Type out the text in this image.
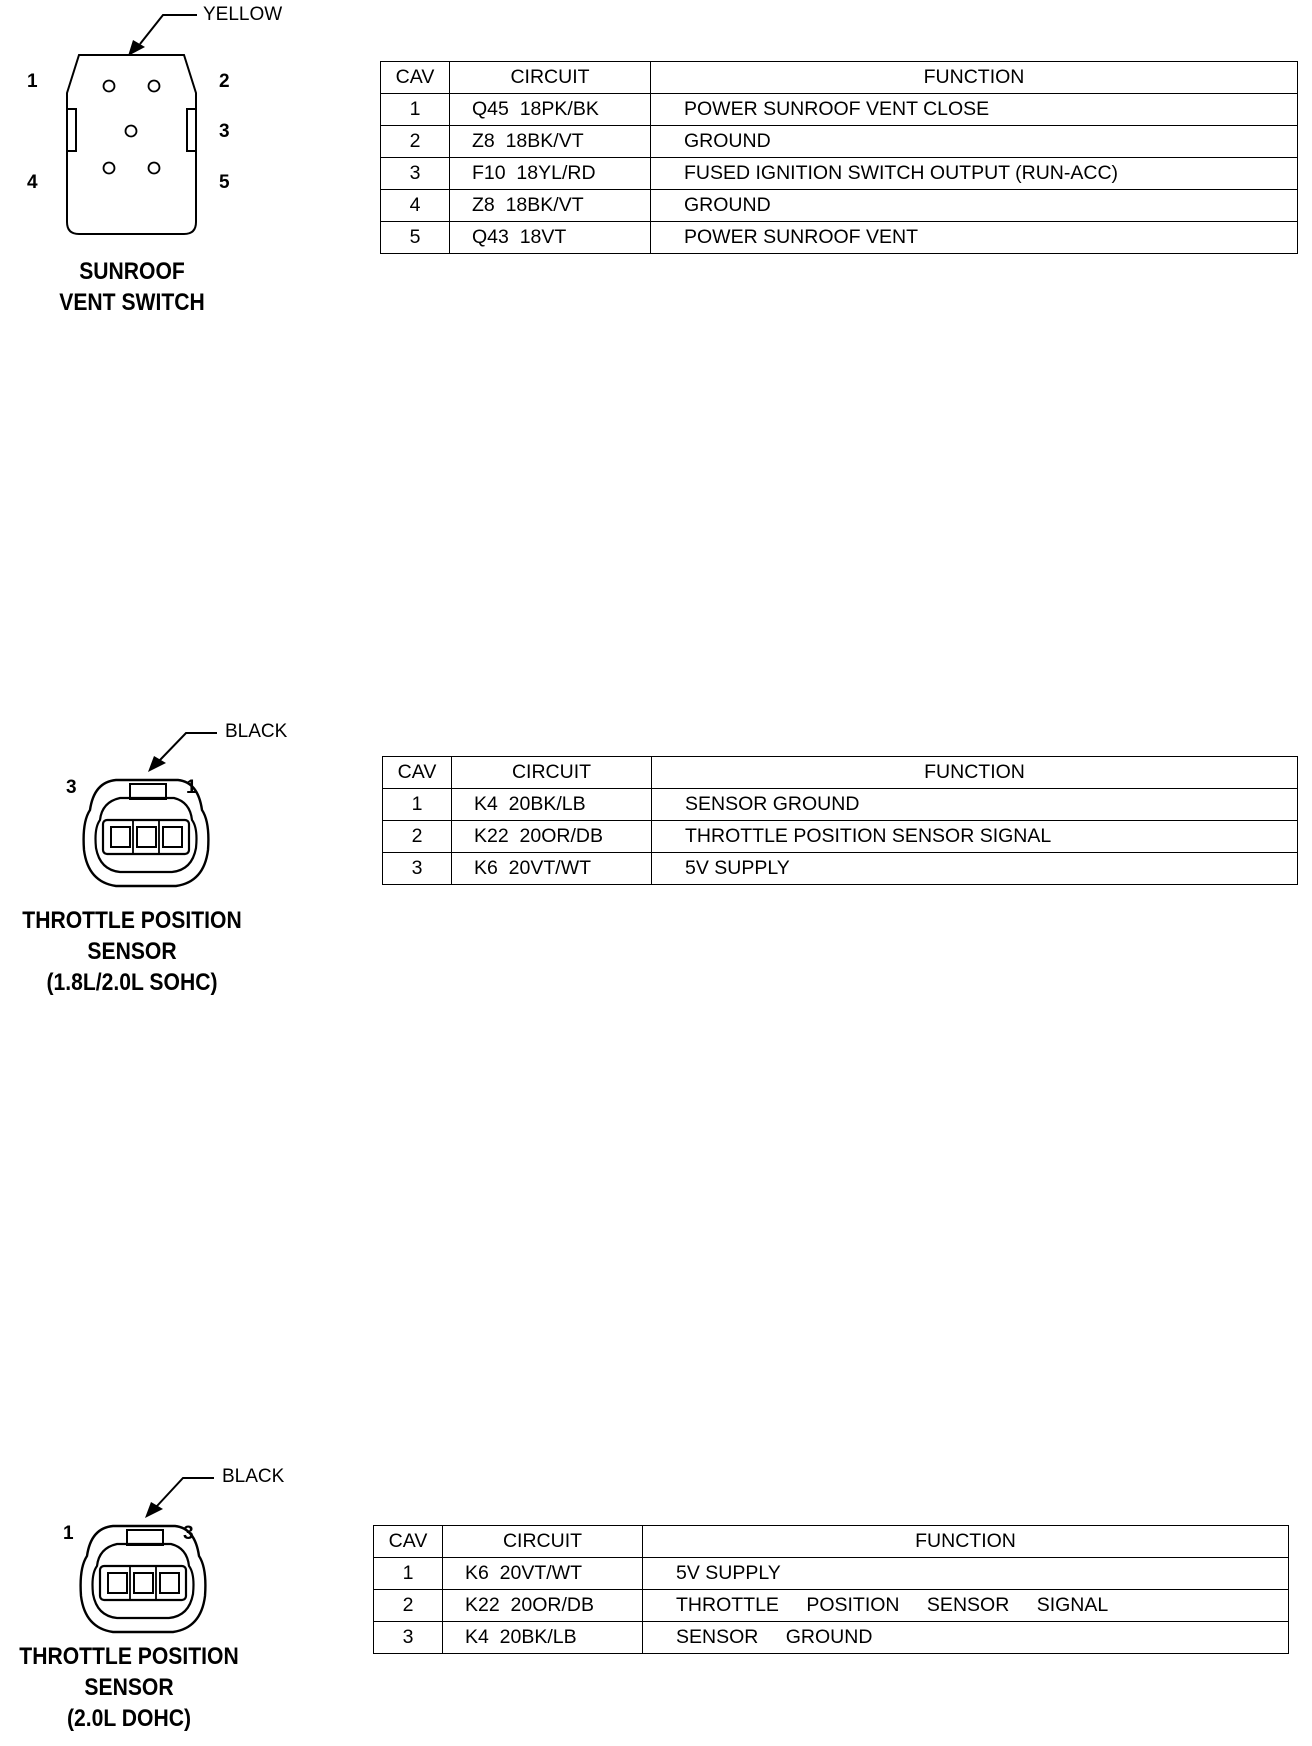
YELLOW
1	2
3
4	5
SUNROOF
VENT SWITCH
CAV	CIRCUIT	FUNCTION
1	Q45  18PK/BK	POWER SUNROOF VENT CLOSE
2	Z8  18BK/VT	GROUND
3	F10  18YL/RD	FUSED IGNITION SWITCH OUTPUT (RUN-ACC)
4	Z8  18BK/VT	GROUND
5	Q43  18VT	POWER SUNROOF VENT
BLACK
3	1
THROTTLE POSITION
SENSOR
(1.8L/2.0L SOHC)
CAV	CIRCUIT	FUNCTION
1	K4  20BK/LB	SENSOR GROUND
2	K22  20OR/DB	THROTTLE POSITION SENSOR SIGNAL
3	K6  20VT/WT	5V SUPPLY
BLACK
1	3
THROTTLE POSITION
SENSOR
(2.0L DOHC)
CAV	CIRCUIT	FUNCTION
1	K6  20VT/WT	5V SUPPLY
2	K22  20OR/DB	THROTTLE POSITION SENSOR SIGNAL
3	K4  20BK/LB	SENSOR GROUND
